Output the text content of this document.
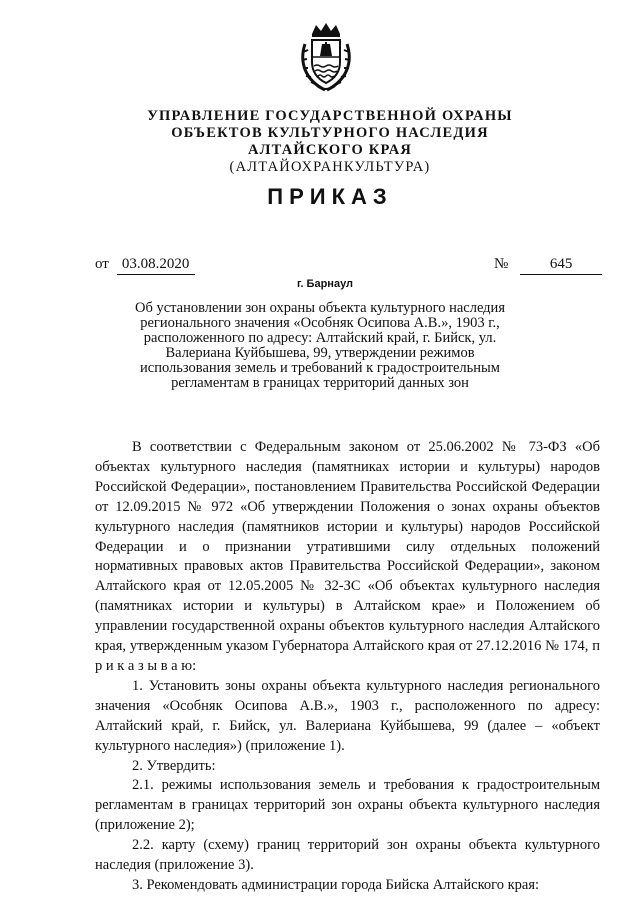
УПРАВЛЕНИЕ ГОСУДАРСТВЕННОЙ ОХРАНЫ
ОБЪЕКТОВ КУЛЬТУРНОГО НАСЛЕДИЯ
АЛТАЙСКОГО КРАЯ
(АЛТАЙОХРАНКУЛЬТУРА)
ПРИКАЗ
от 03.08.2020	№	645
г. Барнаул
Об установлении зон охраны объекта культурного наследия регионального значения «Особняк Осипова А.В.», 1903 г., расположенного по адресу: Алтайский край, г. Бийск, ул. Валериана Куйбышева, 99, утверждении режимов использования земель и требований к градостроительным регламентам в границах территорий данных зон

В соответствии с Федеральным законом от 25.06.2002 № 73-ФЗ «Об объектах культурного наследия (памятниках истории и культуры) народов Российской Федерации», постановлением Правительства Российской Федерации от 12.09.2015 № 972 «Об утверждении Положения о зонах охраны объектов культурного наследия (памятников истории и культуры) народов Российской Федерации и о признании утратившими силу отдельных положений нормативных правовых актов Правительства Российской Федерации», законом Алтайского края от 12.05.2005 № 32-ЗС «Об объектах культурного наследия (памятниках истории и культуры) в Алтайском крае» и Положением об управлении государственной охраны объектов культурного наследия Алтайского края, утвержденным указом Губернатора Алтайского края от 27.12.2016 № 174, п р и к а з ы в а ю:

1. Установить зоны охраны объекта культурного наследия регионального значения «Особняк Осипова А.В.», 1903 г., расположенного по адресу: Алтайский край, г. Бийск, ул. Валериана Куйбышева, 99 (далее – «объект культурного наследия») (приложение 1).

2. Утвердить:

2.1. режимы использования земель и требования к градостроительным регламентам в границах территорий зон охраны объекта культурного наследия (приложение 2);

2.2. карту (схему) границ территорий зон охраны объекта культурного наследия (приложение 3).

3. Рекомендовать администрации города Бийска Алтайского края:
